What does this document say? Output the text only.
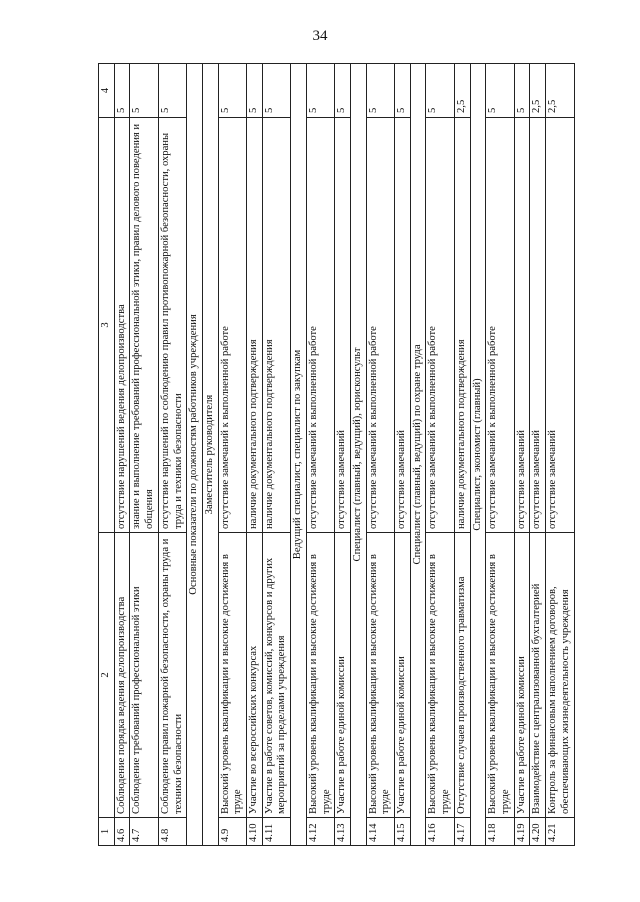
34
1	2	3	4
4.6	Соблюдение порядка ведения делопроизводства	отсутствие нарушений ведения делопроизводства	5
4.7	Соблюдение требований профессиональной этики	знание и выполнение требований профессиональной этики, правил делового поведения и общения	5
4.8	Соблюдение правил пожарной безопасности, охраны труда и техники безопасности	отсутствие нарушений по соблюдению правил противопожарной безопасности, охраны труда и техники безопасности	5
Основные показатели по должностям работников учреждения			
Заместитель руководителя			
4.9	Высокий уровень квалификации и высокие достижения в труде	отсутствие замечаний к выполненной работе	5
4.10	Участие во всероссийских конкурсах	наличие документального подтверждения	5
4.11	Участие в работе советов, комиссий, конкурсов и других мероприятий за пределами учреждения	наличие документального подтверждения	5
Ведущий специалист, специалист по закупкам			
4.12	Высокий уровень квалификации и высокие достижения в труде	отсутствие замечаний к выполненной работе	5
4.13	Участие в работе единой комиссии	отсутствие замечаний	5
Специалист (главный, ведущий), юрисконсульт			
4.14	Высокий уровень квалификации и высокие достижения в труде	отсутствие замечаний к выполненной работе	5
4.15	Участие в работе единой комиссии	отсутствие замечаний	5
Специалист (главный, ведущий) по охране труда			
4.16	Высокий уровень квалификации и высокие достижения в труде	отсутствие замечаний к выполненной работе	5
4.17	Отсутствие случаев производственного травматизма	наличие документального подтверждения	2,5
Специалист, экономист (главный)			
4.18	Высокий уровень квалификации и высокие достижения в труде	отсутствие замечаний к выполненной работе	5
4.19	Участие в работе единой комиссии	отсутствие замечаний	5
4.20	Взаимодействие с централизованной бухгалтерией	отсутствие замечаний	2,5
4.21	Контроль за финансовым наполнением договоров, обеспечивающих жизнедеятельность учреждения	отсутствие замечаний	2,5
